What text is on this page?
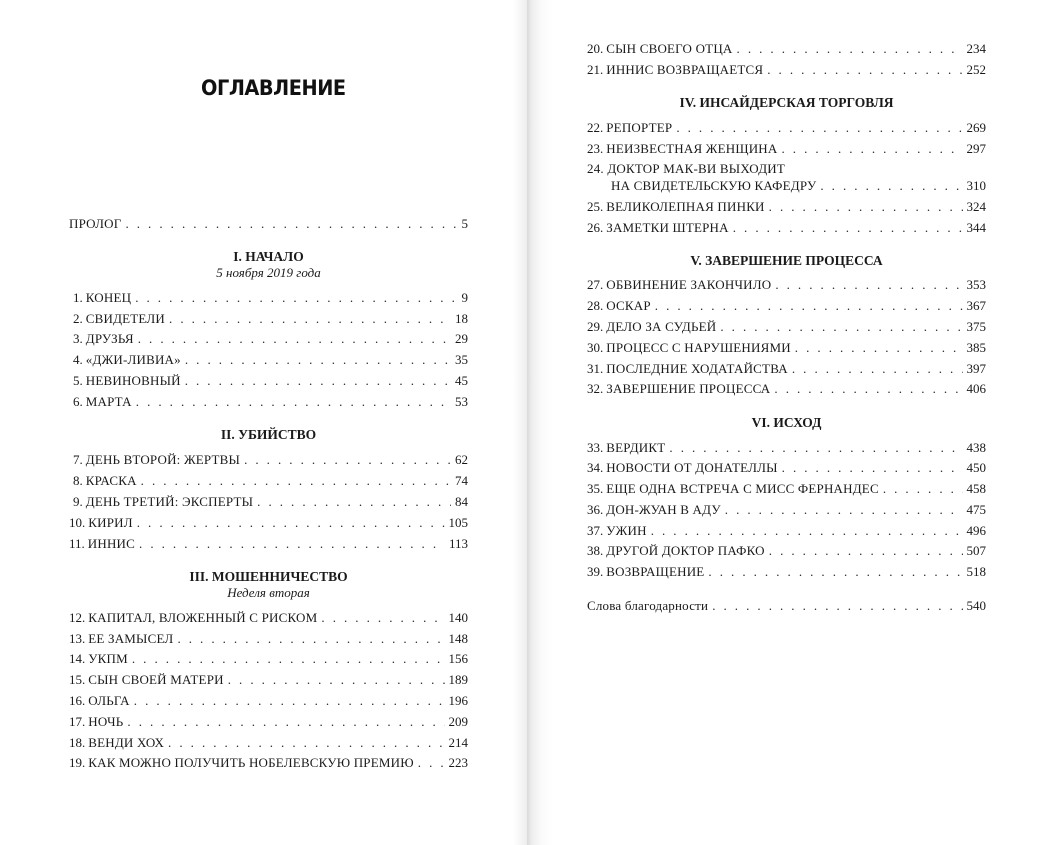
ОГЛАВЛЕНИЕ
ПРОЛОГ . . .	5
I. НАЧАЛО
5 ноября 2019 года
1. КОНЕЦ . . .	9
2. СВИДЕТЕЛИ . . .	18
3. ДРУЗЬЯ . . .	29
4. «ДЖИ-ЛИВИА» . . .	35
5. НЕВИНОВНЫЙ . . .	45
6. МАРТА . . .	53
II. УБИЙСТВО
7. ДЕНЬ ВТОРОЙ: ЖЕРТВЫ . . .	62
8. КРАСКА . . .	74
9. ДЕНЬ ТРЕТИЙ: ЭКСПЕРТЫ . . .	84
10. КИРИЛ . . .	105
11. ИННИС . . .	113
III. МОШЕННИЧЕСТВО
Неделя вторая
12. КАПИТАЛ, ВЛОЖЕННЫЙ С РИСКОМ . . .	140
13. ЕЕ ЗАМЫСЕЛ . . .	148
14. УКПМ . . .	156
15. СЫН СВОЕЙ МАТЕРИ . . .	189
16. ОЛЬГА . . .	196
17. НОЧЬ . . .	209
18. ВЕНДИ ХОХ . . .	214
19. КАК МОЖНО ПОЛУЧИТЬ НОБЕЛЕВСКУЮ ПРЕМИЮ . . .	223
20. СЫН СВОЕГО ОТЦА . . .	234
21. ИННИС ВОЗВРАЩАЕТСЯ . . .	252
IV. ИНСАЙДЕРСКАЯ ТОРГОВЛЯ
22. РЕПОРТЕР . . .	269
23. НЕИЗВЕСТНАЯ ЖЕНЩИНА . . .	297
24. ДОКТОР МАК-ВИ ВЫХОДИТ
НА СВИДЕТЕЛЬСКУЮ КАФЕДРУ . . .	310
25. ВЕЛИКОЛЕПНАЯ ПИНКИ . . .	324
26. ЗАМЕТКИ ШТЕРНА . . .	344
V. ЗАВЕРШЕНИЕ ПРОЦЕССА
27. ОБВИНЕНИЕ ЗАКОНЧИЛО . . .	353
28. ОСКАР . . .	367
29. ДЕЛО ЗА СУДЬЕЙ . . .	375
30. ПРОЦЕСС С НАРУШЕНИЯМИ . . .	385
31. ПОСЛЕДНИЕ ХОДАТАЙСТВА . . .	397
32. ЗАВЕРШЕНИЕ ПРОЦЕССА . . .	406
VI. ИСХОД
33. ВЕРДИКТ . . .	438
34. НОВОСТИ ОТ ДОНАТЕЛЛЫ . . .	450
35. ЕЩЕ ОДНА ВСТРЕЧА С МИСС ФЕРНАНДЕС . . .	458
36. ДОН-ЖУАН В АДУ . . .	475
37. УЖИН . . .	496
38. ДРУГОЙ ДОКТОР ПАФКО . . .	507
39. ВОЗВРАЩЕНИЕ . . .	518
Слова благодарности . . .	540
